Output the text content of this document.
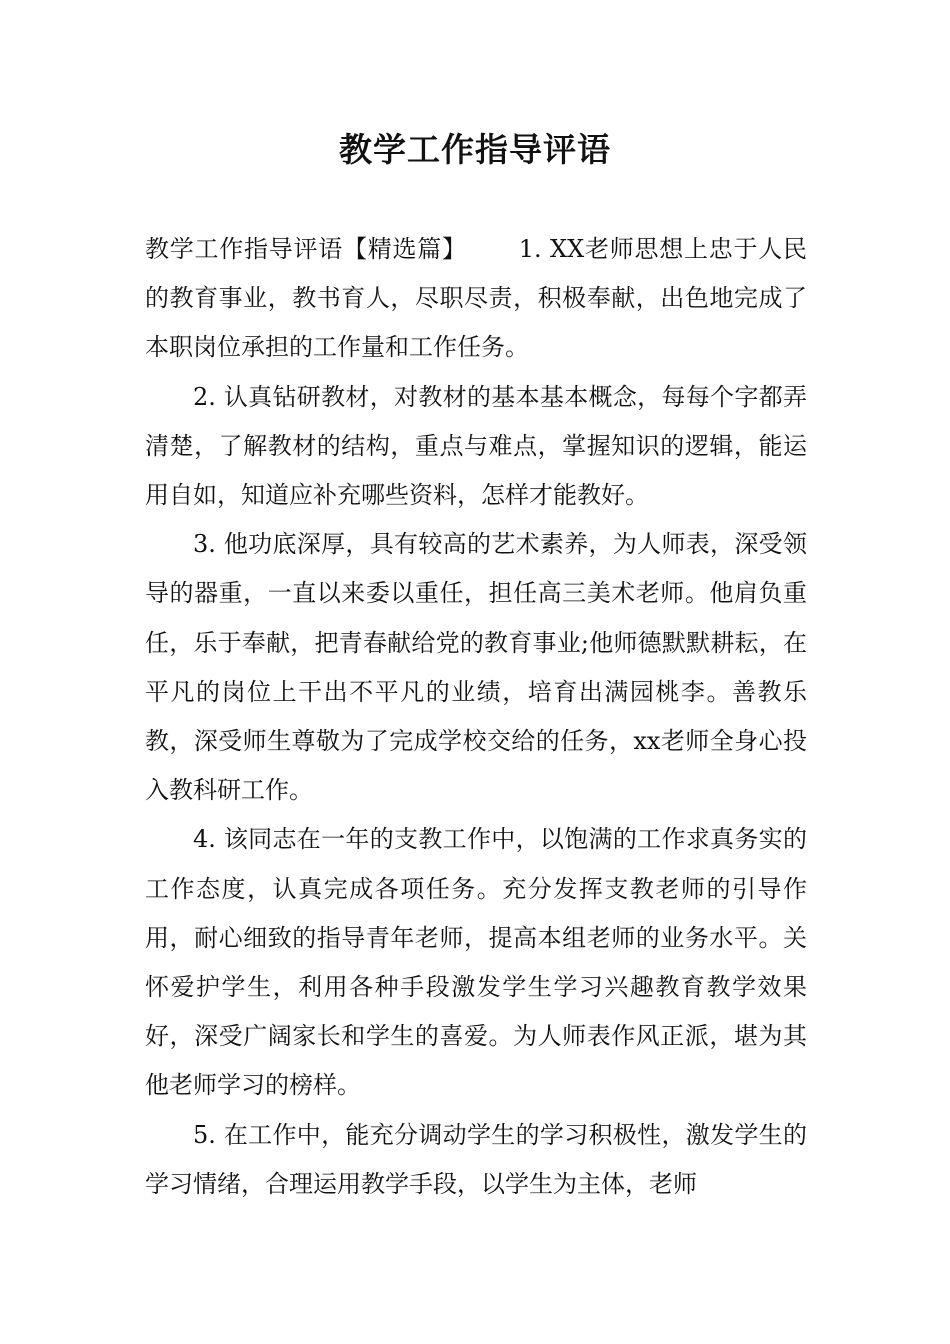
教学工作指导评语

教学工作指导评语【精选篇】 1. XX老师思想上忠于人民的教育事业，教书育人，尽职尽责，积极奉献，出色地完成了本职岗位承担的工作量和工作任务。

2. 认真钻研教材，对教材的基本基本概念，每每个字都弄清楚，了解教材的结构，重点与难点，掌握知识的逻辑，能运用自如，知道应补充哪些资料，怎样才能教好。

3. 他功底深厚，具有较高的艺术素养，为人师表，深受领导的器重，一直以来委以重任，担任高三美术老师。他肩负重任，乐于奉献，把青春献给党的教育事业;他师德默默耕耘，在平凡的岗位上干出不平凡的业绩，培育出满园桃李。善教乐教，深受师生尊敬为了完成学校交给的任务，xx老师全身心投入教科研工作。

4. 该同志在一年的支教工作中，以饱满的工作求真务实的工作态度，认真完成各项任务。充分发挥支教老师的引导作用，耐心细致的指导青年老师，提高本组老师的业务水平。关怀爱护学生，利用各种手段激发学生学习兴趣教育教学效果好，深受广阔家长和学生的喜爱。为人师表作风正派，堪为其他老师学习的榜样。

5. 在工作中，能充分调动学生的学习积极性，激发学生的学习情绪，合理运用教学手段，以学生为主体，老师
